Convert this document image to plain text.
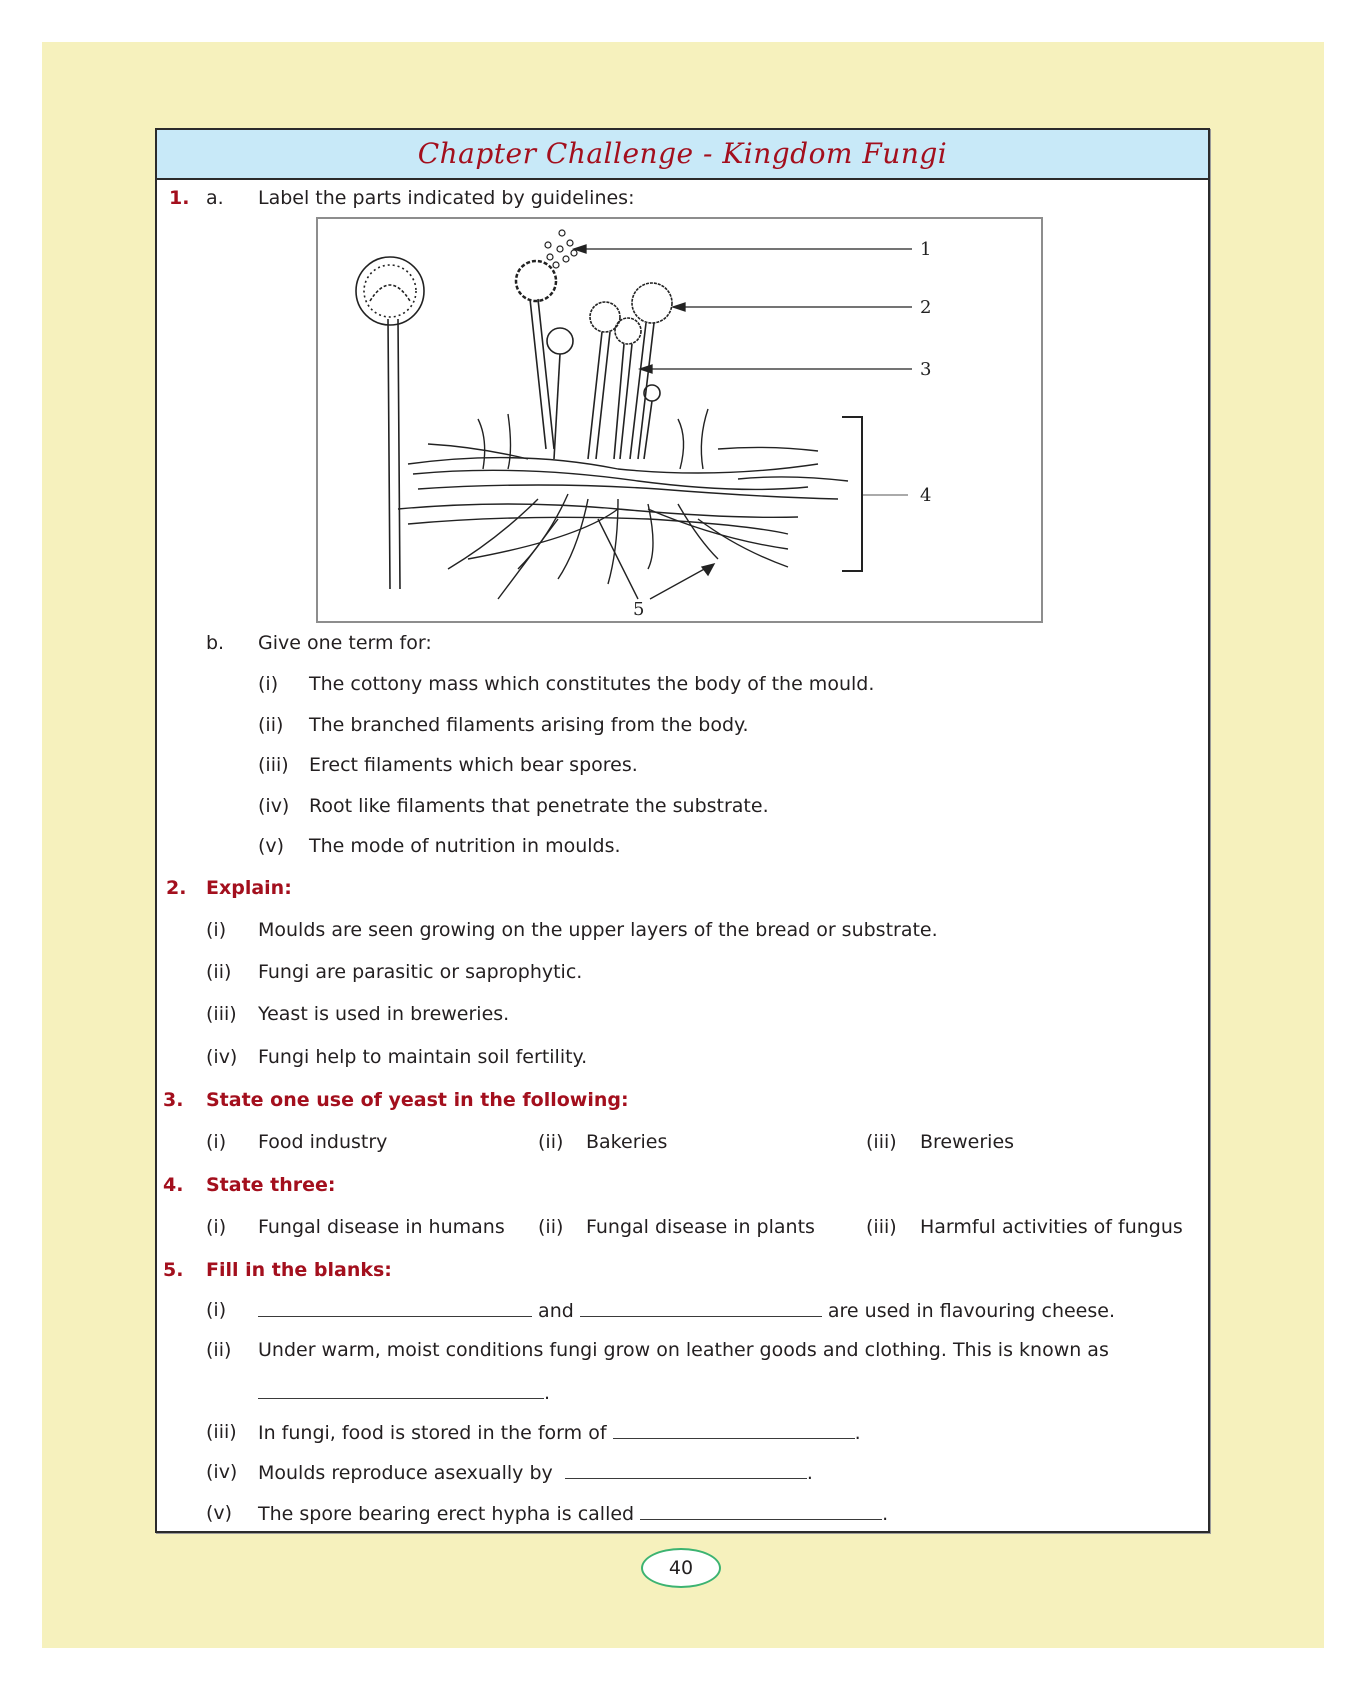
Chapter Challenge - Kingdom Fungi
1. a. Label the parts indicated by guidelines:
1
2
3
4
5
b. Give one term for:
(i) The cottony mass which constitutes the body of the mould.
(ii) The branched filaments arising from the body.
(iii) Erect filaments which bear spores.
(iv) Root like filaments that penetrate the substrate.
(v) The mode of nutrition in moulds.
2. Explain:
(i) Moulds are seen growing on the upper layers of the bread or substrate.
(ii) Fungi are parasitic or saprophytic.
(iii) Yeast is used in breweries.
(iv) Fungi help to maintain soil fertility.
3. State one use of yeast in the following:
(i) Food industry	(ii) Bakeries	(iii) Breweries
4. State three:
(i) Fungal disease in humans (ii) Fungal disease in plants	(iii) Harmful activities of fungus
5. Fill in the blanks:
(i)	and	are used in flavouring cheese.
(ii) Under warm, moist conditions fungi grow on leather goods and clothing. This is known as
.
(iii) In fungi, food is stored in the form of	.
(iv) Moulds reproduce asexually by	.
(v) The spore bearing erect hypha is called	.
40
